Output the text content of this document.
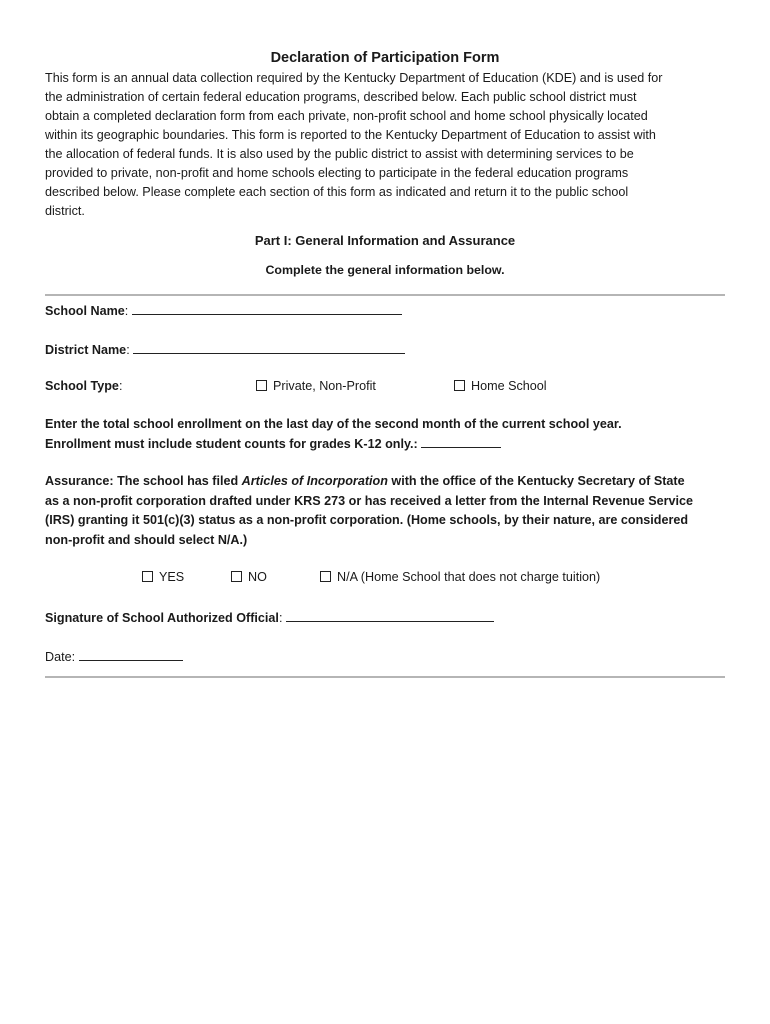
Declaration of Participation Form

This form is an annual data collection required by the Kentucky Department of Education (KDE) and is used for
the administration of certain federal education programs, described below. Each public school district must
obtain a completed declaration form from each private, non-profit school and home school physically located
within its geographic boundaries. This form is reported to the Kentucky Department of Education to assist with
the allocation of federal funds. It is also used by the public district to assist with determining services to be
provided to private, non-profit and home schools electing to participate in the federal education programs
described below. Please complete each section of this form as indicated and return it to the public school
district.

Part I: General Information and Assurance
Complete the general information below.
School Name:
District Name:
School Type:	Private, Non-Profit	Home School
Enter the total school enrollment on the last day of the second month of the current school year.
Enrollment must include student counts for grades K-12 only.:
Assurance: The school has filed Articles of Incorporation with the office of the Kentucky Secretary of State
as a non-profit corporation drafted under KRS 273 or has received a letter from the Internal Revenue Service
(IRS) granting it 501(c)(3) status as a non-profit corporation. (Home schools, by their nature, are considered
non-profit and should select N/A.)
YES	NO	N/A (Home School that does not charge tuition)
Signature of School Authorized Official:
Date:
